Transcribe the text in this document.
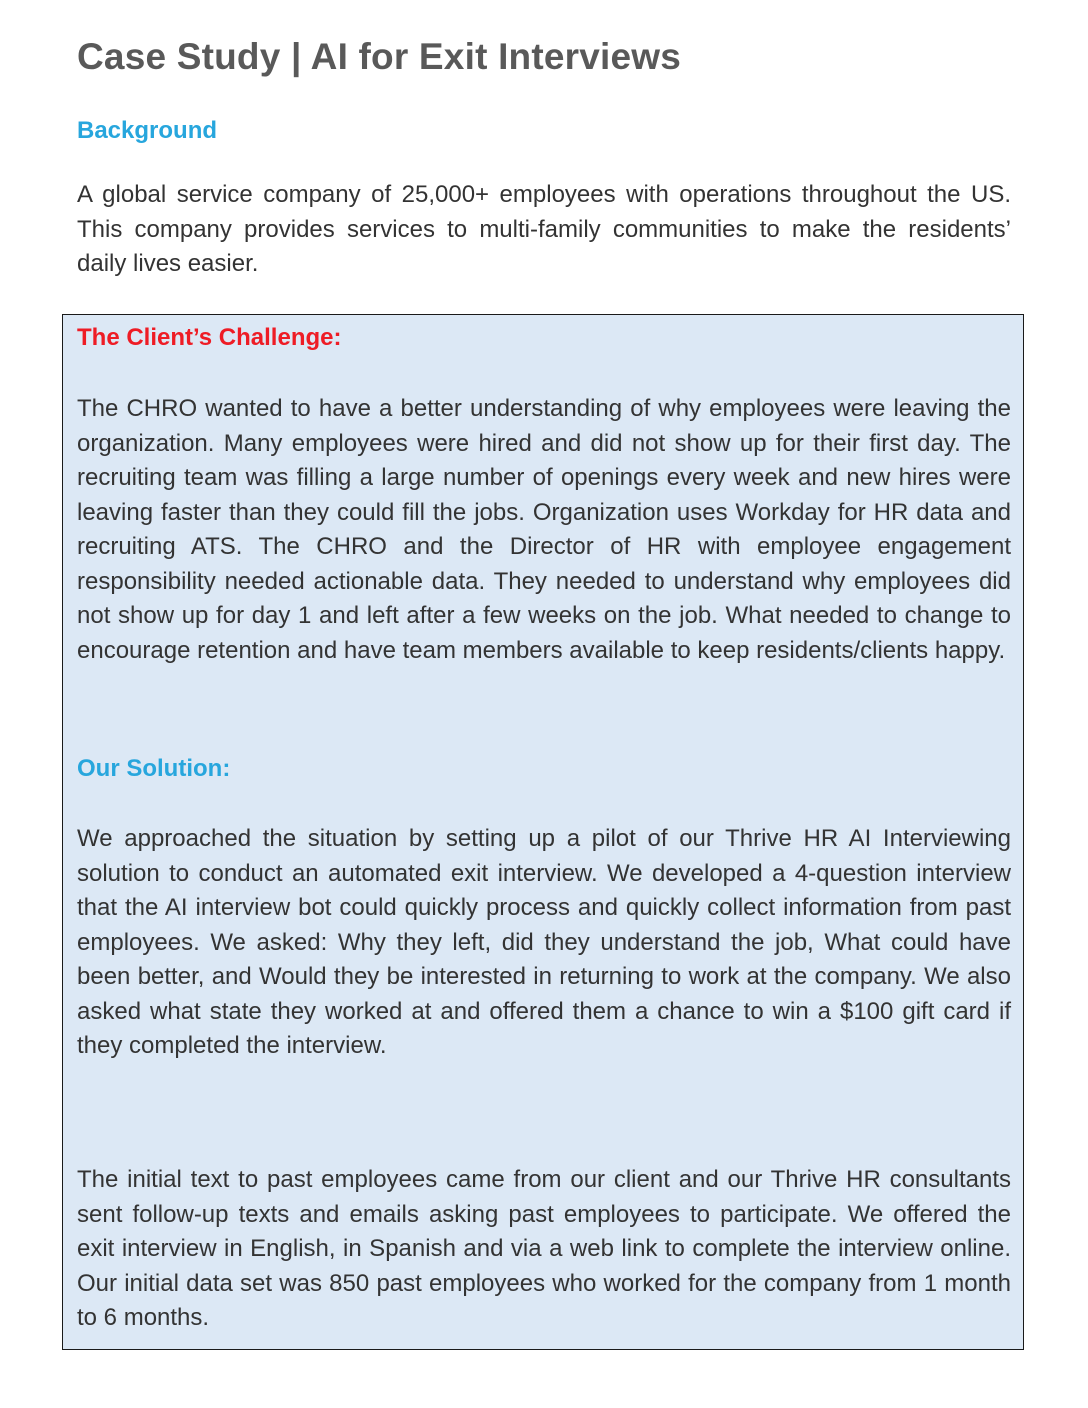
Case Study | AI for Exit Interviews
Background

A global service company of 25,000+ employees with operations throughout the US. This company provides services to multi-family communities to make the residents’ daily lives easier.

The Client’s Challenge:

The CHRO wanted to have a better understanding of why employees were leaving the organization. Many employees were hired and did not show up for their first day. The recruiting team was filling a large number of openings every week and new hires were leaving faster than they could fill the jobs. Organization uses Workday for HR data and recruiting ATS. The CHRO and the Director of HR with employee engagement responsibility needed actionable data. They needed to understand why employees did not show up for day 1 and left after a few weeks on the job. What needed to change to encourage retention and have team members available to keep residents/clients happy.

Our Solution:

We approached the situation by setting up a pilot of our Thrive HR AI Interviewing solution to conduct an automated exit interview. We developed a 4-question interview that the AI interview bot could quickly process and quickly collect information from past employees. We asked: Why they left, did they understand the job, What could have been better, and Would they be interested in returning to work at the company. We also asked what state they worked at and offered them a chance to win a $100 gift card if they completed the interview.

The initial text to past employees came from our client and our Thrive HR consultants sent follow-up texts and emails asking past employees to participate. We offered the exit interview in English, in Spanish and via a web link to complete the interview online. Our initial data set was 850 past employees who worked for the company from 1 month to 6 months.
